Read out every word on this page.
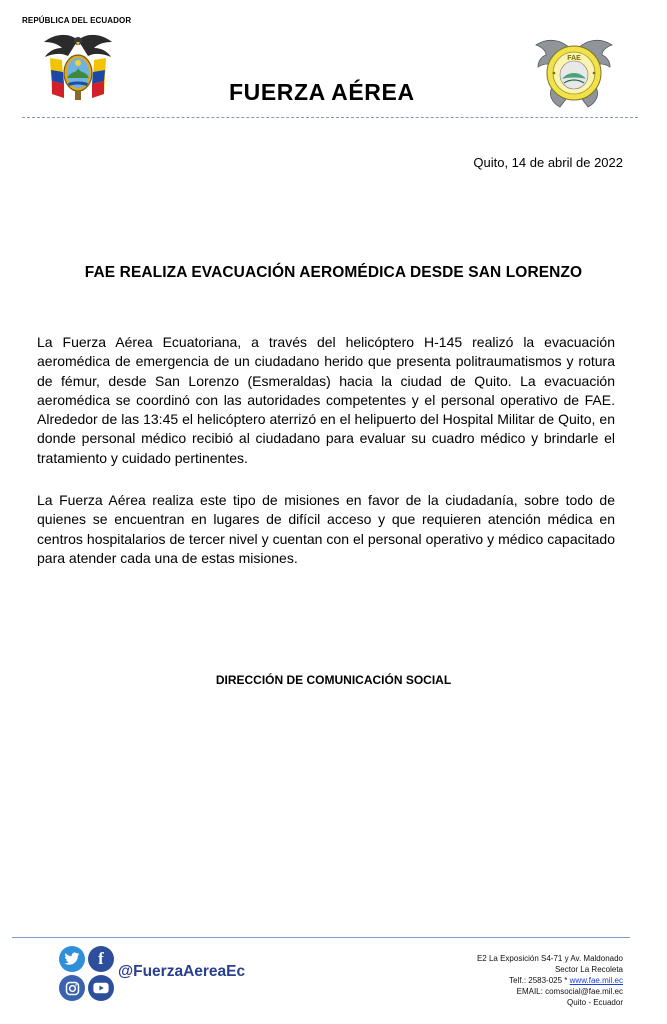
REPÚBLICA DEL ECUADOR
FUERZA AÉREA
FAE
Quito, 14 de abril de 2022
FAE REALIZA EVACUACIÓN AEROMÉDICA DESDE SAN LORENZO
La Fuerza Aérea Ecuatoriana, a través del helicóptero H-145 realizó la evacuación aeromédica de emergencia de un ciudadano herido que presenta politraumatismos y rotura de fémur, desde San Lorenzo (Esmeraldas) hacia la ciudad de Quito. La evacuación aeromédica se coordinó con las autoridades competentes y el personal operativo de FAE. Alrededor de las 13:45 el helicóptero aterrizó en el helipuerto del Hospital Militar de Quito, en donde personal médico recibió al ciudadano para evaluar su cuadro médico y brindarle el tratamiento y cuidado pertinentes.
La Fuerza Aérea realiza este tipo de misiones en favor de la ciudadanía, sobre todo de quienes se encuentran en lugares de difícil acceso y que requieren atención médica en centros hospitalarios de tercer nivel y cuentan con el personal operativo y médico capacitado para atender cada una de estas misiones.
DIRECCIÓN DE COMUNICACIÓN SOCIAL
f
@FuerzaAereaEc
E2 La Exposición S4-71 y Av. Maldonado
Sector La Recoleta
Telf.: 2583-025 * www.fae.mil.ec
EMAIL: comsocial@fae.mil.ec
Quito - Ecuador
